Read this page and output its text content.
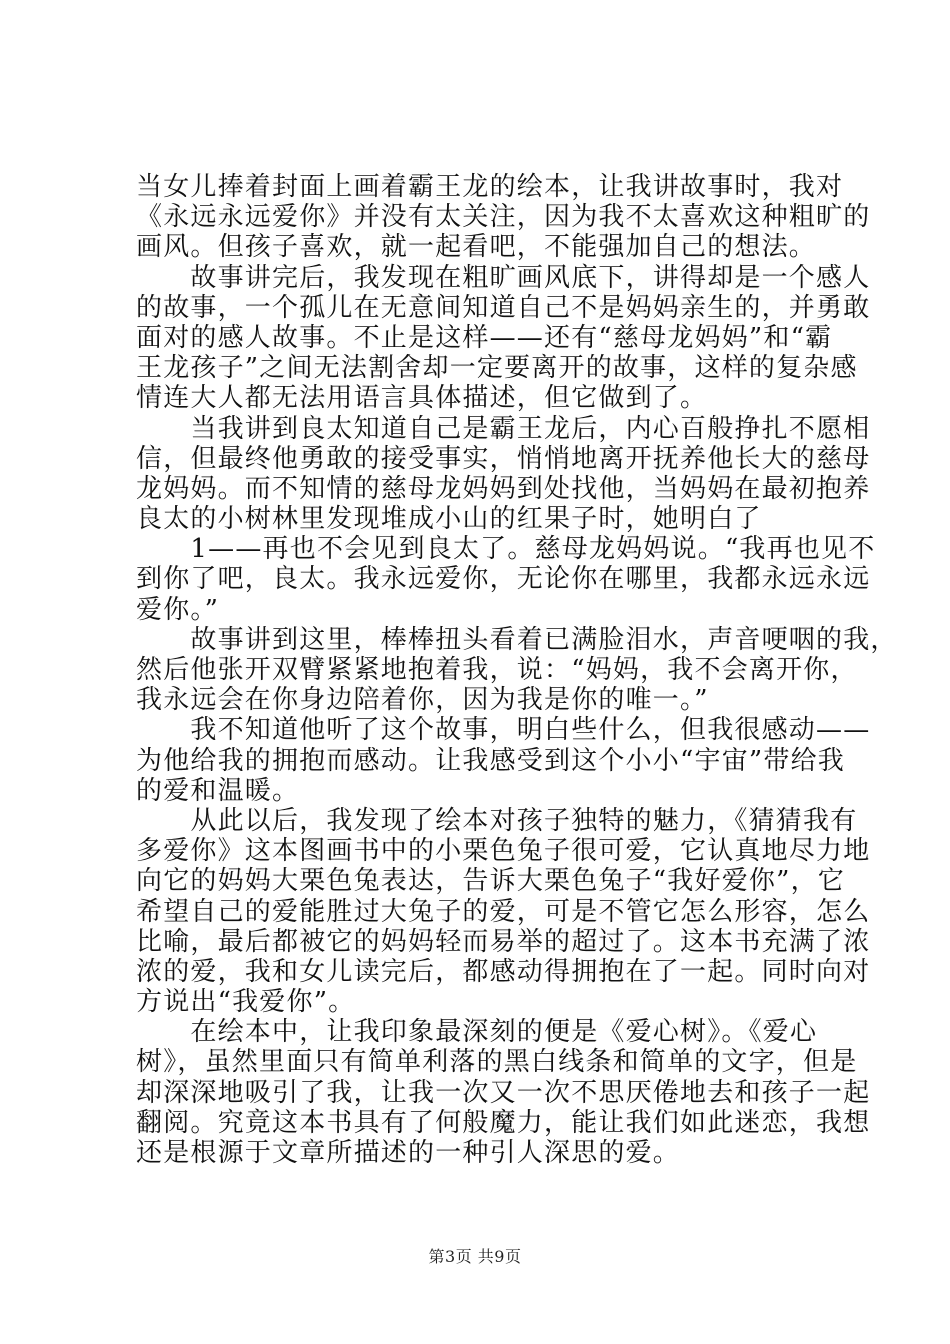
当女儿捧着封面上画着霸王龙的绘本，让我讲故事时，我对
《永远永远爱你》并没有太关注，因为我不太喜欢这种粗旷的
画风。但孩子喜欢，就一起看吧，不能强加自己的想法。
　　故事讲完后，我发现在粗旷画风底下，讲得却是一个感人
的故事，一个孤儿在无意间知道自己不是妈妈亲生的，并勇敢
面对的感人故事。不止是这样——还有“慈母龙妈妈”和“霸
王龙孩子”之间无法割舍却一定要离开的故事，这样的复杂感
情连大人都无法用语言具体描述，但它做到了。
　　当我讲到良太知道自己是霸王龙后，内心百般挣扎不愿相
信，但最终他勇敢的接受事实，悄悄地离开抚养他长大的慈母
龙妈妈。而不知情的慈母龙妈妈到处找他，当妈妈在最初抱养
良太的小树林里发现堆成小山的红果子时，她明白了
　　1——再也不会见到良太了。慈母龙妈妈说。“我再也见不
到你了吧，良太。我永远爱你，无论你在哪里，我都永远永远
爱你。”
　　故事讲到这里，棒棒扭头看着已满脸泪水，声音哽咽的我，
然后他张开双臂紧紧地抱着我，说：“妈妈，我不会离开你，
我永远会在你身边陪着你，因为我是你的唯一。”
　　我不知道他听了这个故事，明白些什么，但我很感动——
为他给我的拥抱而感动。让我感受到这个小小“宇宙”带给我
的爱和温暖。
　　从此以后，我发现了绘本对孩子独特的魅力，《猜猜我有
多爱你》这本图画书中的小栗色兔子很可爱，它认真地尽力地
向它的妈妈大栗色兔表达，告诉大栗色兔子“我好爱你”，它
希望自己的爱能胜过大兔子的爱，可是不管它怎么形容，怎么
比喻，最后都被它的妈妈轻而易举的超过了。这本书充满了浓
浓的爱，我和女儿读完后，都感动得拥抱在了一起。同时向对
方说出“我爱你”。
　　在绘本中，让我印象最深刻的便是《爱心树》。《爱心
树》，虽然里面只有简单利落的黑白线条和简单的文字，但是
却深深地吸引了我，让我一次又一次不思厌倦地去和孩子一起
翻阅。究竟这本书具有了何般魔力，能让我们如此迷恋，我想
还是根源于文章所描述的一种引人深思的爱。
第3页 共9页
